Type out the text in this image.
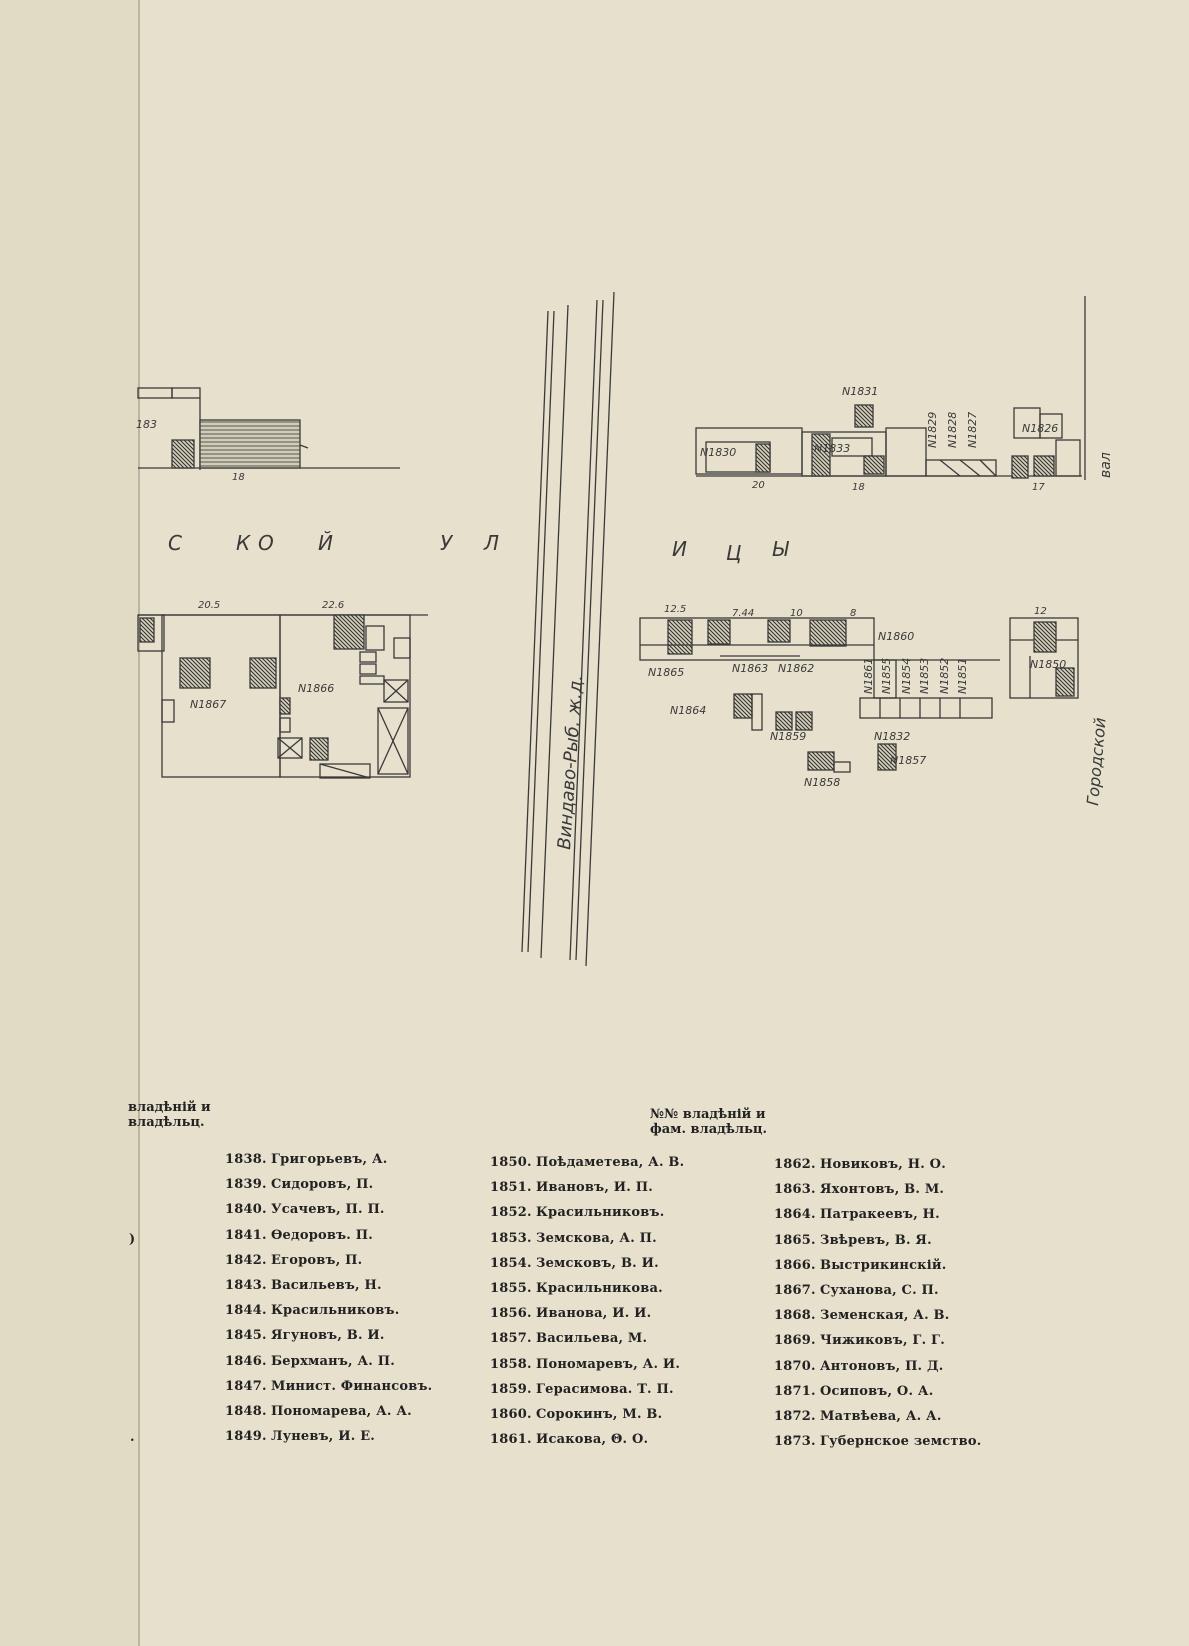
N1831
N1830
N1829 N1828 N1827	N1826
N1833
N1832
N1860
N1865	N1863 N1862	N1861 N1855 N1854 N1853 N1852 N1851	N1850
N1867
N1866
N1864
N1859
N1858
N1857
С	К О Й	У Л	И Ц Ы
Виндаво-Рыб. ж.д.	Городской
вал
183
18
20	18	17
20.5	22.6	12.5	7.44	10	8	12
владѣній и
владѣльц.
№№ владѣній и
фам. владѣльц.
)
.
1838. Григорьевъ, А.
1839. Сидоровъ, П.
1840. Усачевъ, П. П.
1841. Өедоровъ. П.
1842. Егоровъ, П.
1843. Васильевъ, Н.
1844. Красильниковъ.
1845. Ягуновъ, В. И.
1846. Берхманъ, А. П.
1847. Минист. Финансовъ.
1848. Пономарева, А. А.
1849. Луневъ, И. Е.
1850. Поѣдаметева, А. В.
1851. Ивановъ, И. П.
1852. Красильниковъ.
1853. Земскова, А. П.
1854. Земсковъ, В. И.
1855. Красильникова.
1856. Иванова, И. И.
1857. Васильева, М.
1858. Пономаревъ, А. И.
1859. Герасимова. Т. П.
1860. Сорокинъ, М. В.
1861. Исакова, Θ. О.
1862. Новиковъ, Н. О.
1863. Яхонтовъ, В. М.
1864. Патракеевъ, Н.
1865. Звѣревъ, В. Я.
1866. Выстрикинскій.
1867. Суханова, С. П.
1868. Земенская, А. В.
1869. Чижиковъ, Г. Г.
1870. Антоновъ, П. Д.
1871. Осиповъ, О. А.
1872. Матвѣева, А. А.
1873. Губернское земство.
